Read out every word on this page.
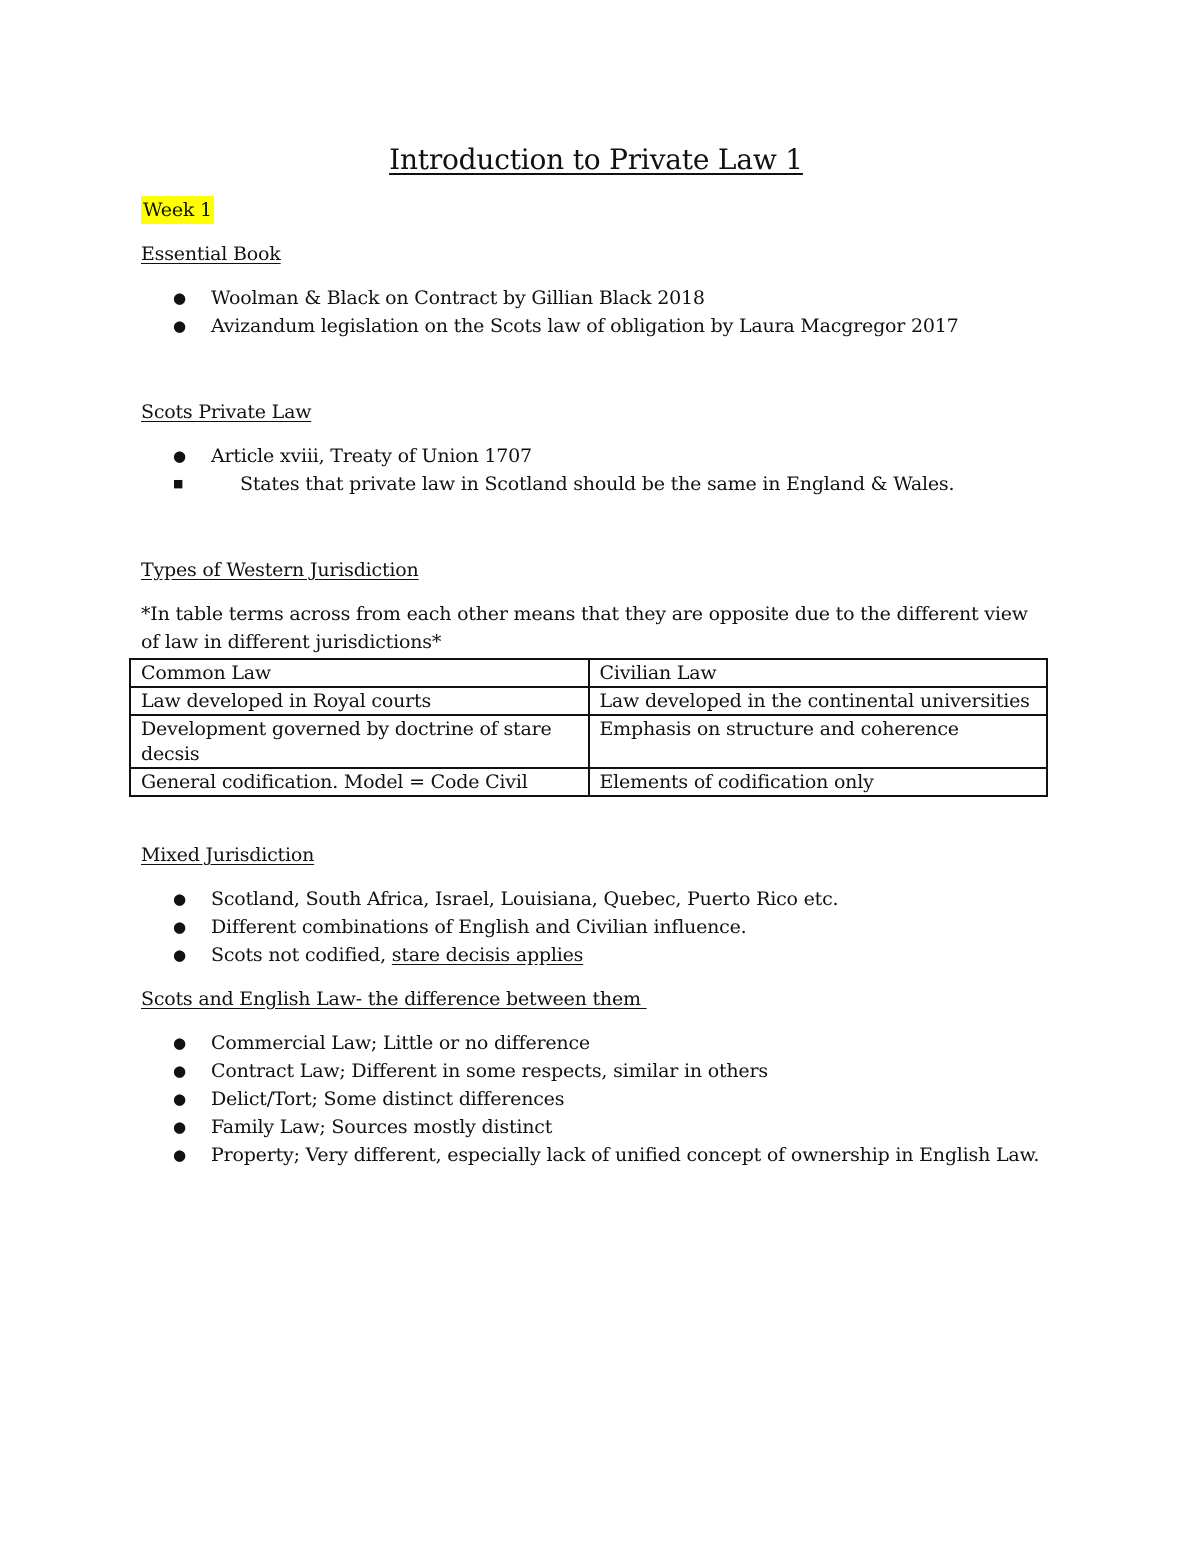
Introduction to Private Law 1
Week 1
Essential Book
● Woolman & Black on Contract by Gillian Black 2018
● Avizandum legislation on the Scots law of obligation by Laura Macgregor 2017
Scots Private Law
● Article xviii, Treaty of Union 1707
■	States that private law in Scotland should be the same in England & Wales.
Types of Western Jurisdiction
*In table terms across from each other means that they are opposite due to the different view of law in different jurisdictions*
Common Law	Civilian Law
Law developed in Royal courts	Law developed in the continental universities
Development governed by doctrine of stare decsis	Emphasis on structure and coherence
General codification. Model = Code Civil	Elements of codification only
Mixed Jurisdiction
● Scotland, South Africa, Israel, Louisiana, Quebec, Puerto Rico etc.
● Different combinations of English and Civilian influence.
● Scots not codified, stare decisis applies
Scots and English Law- the difference between them
● Commercial Law; Little or no difference
● Contract Law; Different in some respects, similar in others
● Delict/Tort; Some distinct differences
● Family Law; Sources mostly distinct
● Property; Very different, especially lack of unified concept of ownership in English Law.
